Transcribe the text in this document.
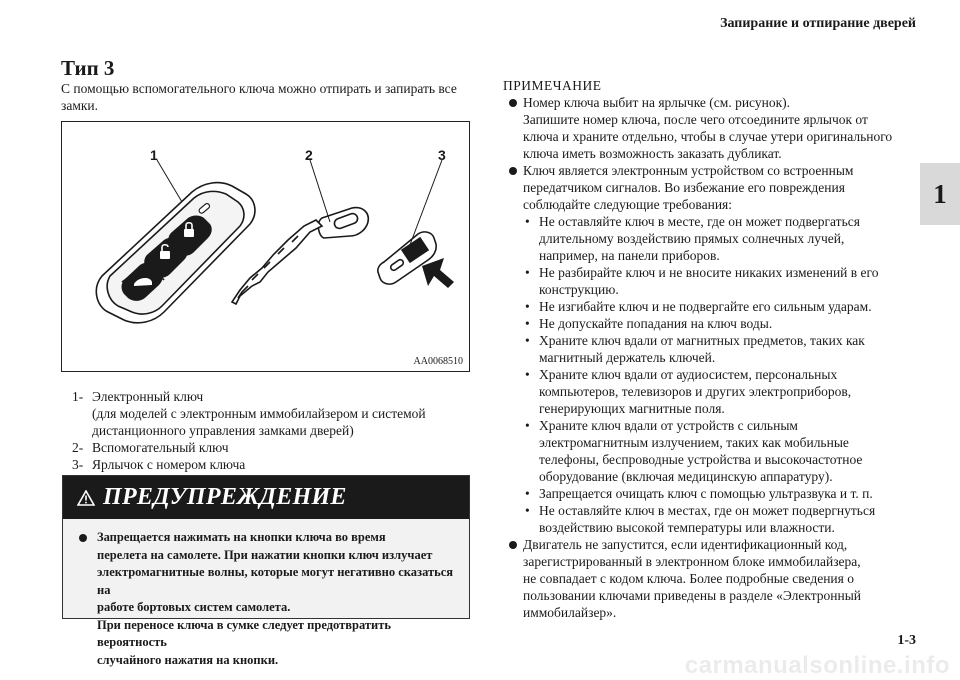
Запирание и отпирание дверей
1
Тип 3
С помощью вспомогательного ключа можно отпирать и запирать все замки.
1	2	3
AA0068510
1- Электронный ключ
(для моделей с электронным иммобилайзером и системой
дистанционного управления замками дверей)
2- Вспомогательный ключ
3- Ярлычок с номером ключа
ПРЕДУПРЕЖДЕНИЕ
Запрещается нажимать на кнопки ключа во время
перелета на самолете. При нажатии кнопки ключ излучает
электромагнитные волны, которые могут негативно сказаться на
работе бортовых систем самолета.
При переносе ключа в сумке следует предотвратить вероятность
случайного нажатия на кнопки.
ПРИМЕЧАНИЕ
Номер ключа выбит на ярлычке (см. рисунок).
Запишите номер ключа, после чего отсоедините ярлычок от
ключа и храните отдельно, чтобы в случае утери оригинального
ключа иметь возможность заказать дубликат.
Ключ является электронным устройством со встроенным
передатчиком сигналов. Во избежание его повреждения
соблюдайте следующие требования:
• Не оставляйте ключ в месте, где он может подвергаться
длительному воздействию прямых солнечных лучей,
например, на панели приборов.
• Не разбирайте ключ и не вносите никаких изменений в его
конструкцию.
• Не изгибайте ключ и не подвергайте его сильным ударам.
• Не допускайте попадания на ключ воды.
• Храните ключ вдали от магнитных предметов, таких как
магнитный держатель ключей.
• Храните ключ вдали от аудиосистем, персональных
компьютеров, телевизоров и других электроприборов,
генерирующих магнитные поля.
• Храните ключ вдали от устройств с сильным
электромагнитным излучением, таких как мобильные
телефоны, беспроводные устройства и высокочастотное
оборудование (включая медицинскую аппаратуру).
• Запрещается очищать ключ с помощью ультразвука и т. п.
• Не оставляйте ключ в местах, где он может подвергнуться
воздействию высокой температуры или влажности.
Двигатель не запустится, если идентификационный код,
зарегистрированный в электронном блоке иммобилайзера,
не совпадает с кодом ключа. Более подробные сведения о
пользовании ключами приведены в разделе «Электронный
иммобилайзер».
1-3
carmanualsonline.info
